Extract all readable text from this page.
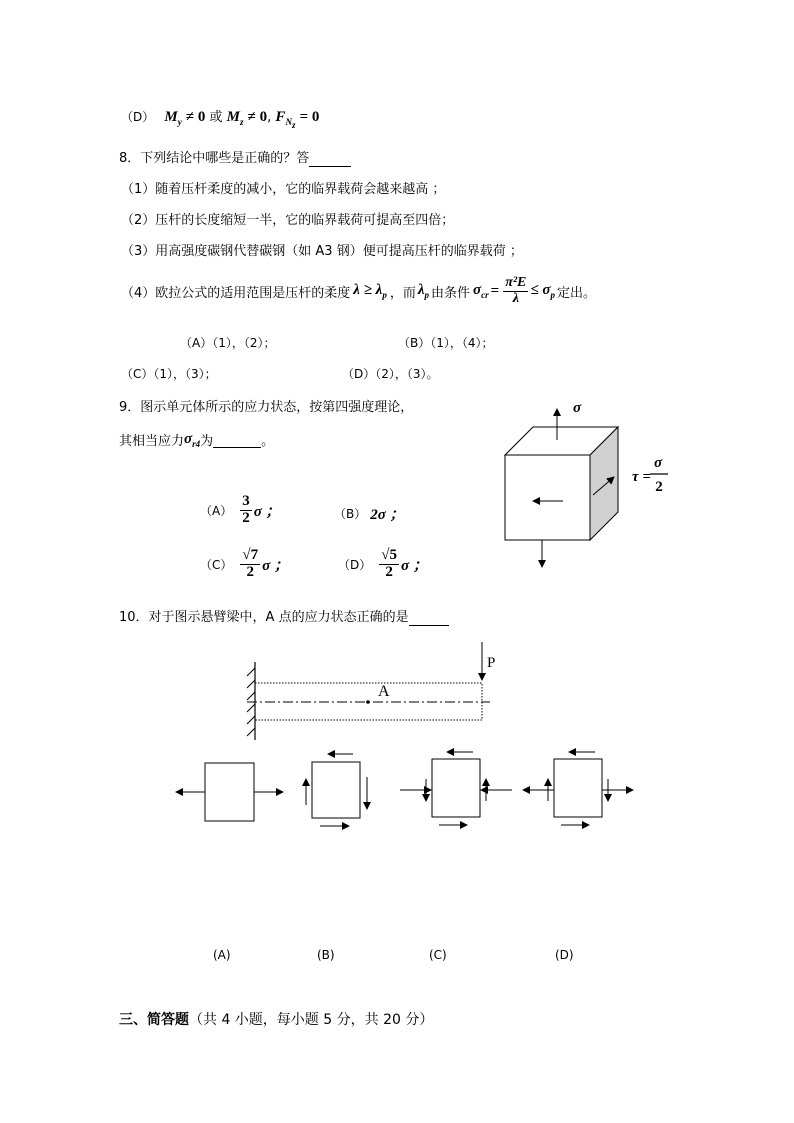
（D） $M_y \ne 0$ 或 $M_z \ne 0$, $F_{N_z} = 0$
8．下列结论中哪些是正确的？答
（1）随着压杆柔度的减小，它的临界载荷会越来越高 ；
（2）压杆的长度缩短一半，它的临界载荷可提高至四倍；
（3）用高强度碳钢代替碳钢（如 A3 钢）便可提高压杆的临界载荷 ；
（4）欧拉公式的适用范围是压杆的柔度 $\lambda \ge \lambda_p$ ，而 $\lambda_p$ 由条件 $\sigma_{cr} = \frac{\text{π²E}}{\lambda} \le \sigma_p$ 定出。
（A）（1），（2）；	（B）（1），（4）；
（C）（1），（3）；	（D）（2），（3）。
9．图示单元体所示的应力状态，按第四强度理论，
其相当应力 $\sigma_{r4}$ 为
	。
$(A) \frac{3}{2}$ σ ；	（B） 2σ ；
$(C) \frac{√7}{2}$ σ ；	$(D) \frac{√5}{2}$ σ ；
σ
τ =
σ
2
10．对于图示悬臂梁中，A 点的应力状态正确的是
P
A
(A)	(B)	(C)	(D)
三、简答题（共 4 小题，每小题 5 分，共 20 分）
